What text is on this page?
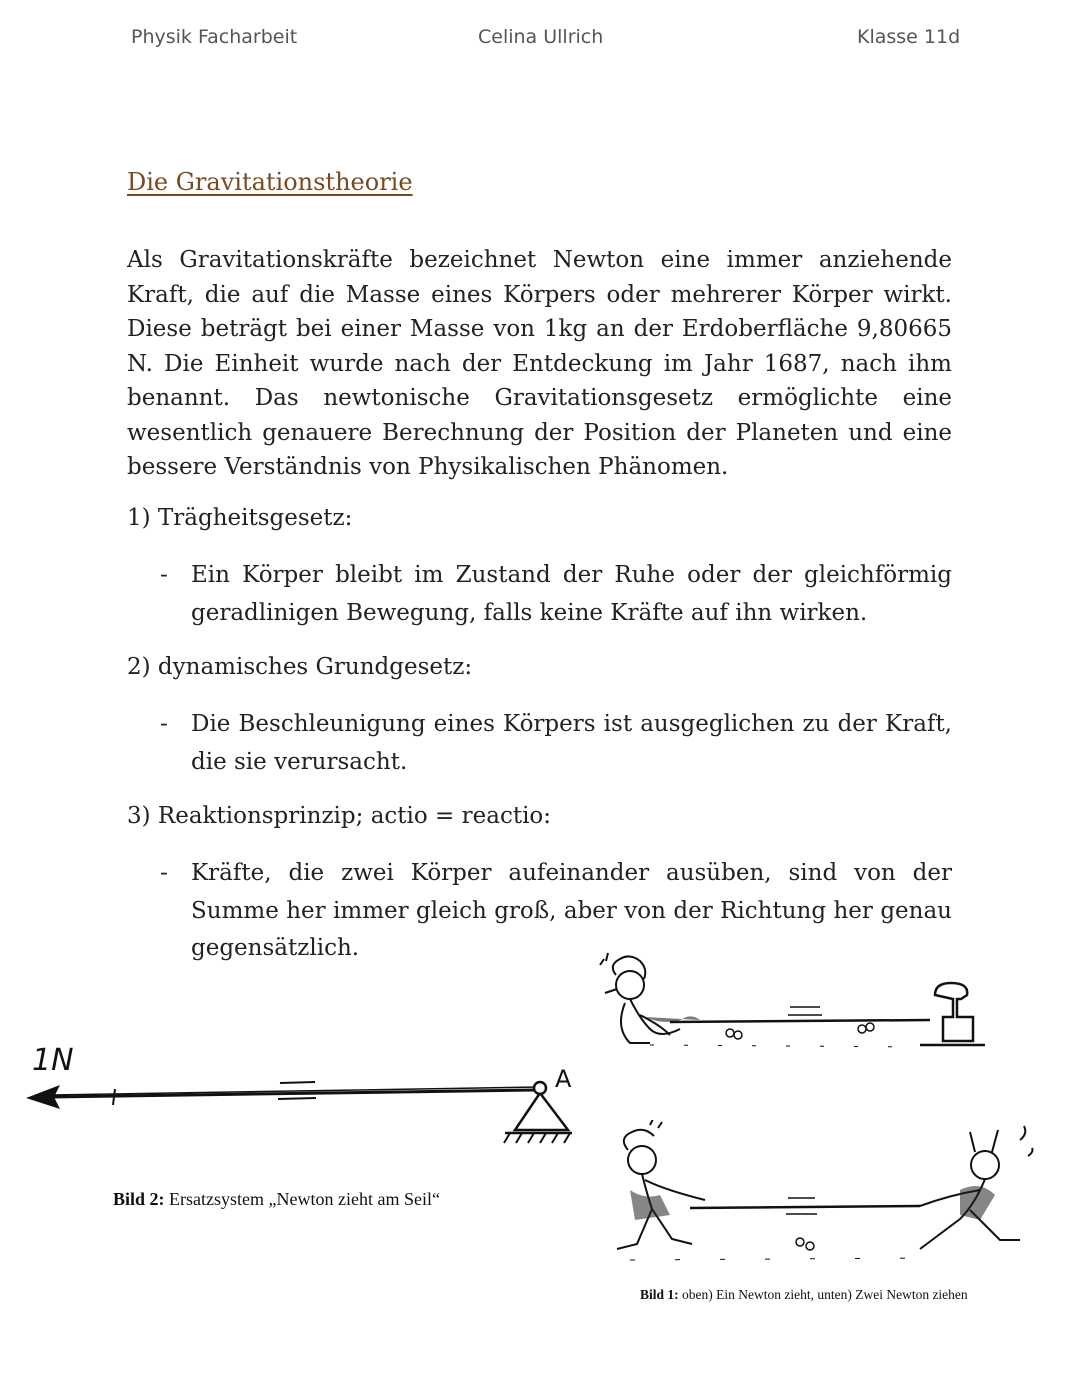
Physik Facharbeit	Celina Ullrich	Klasse 11d
Die Gravitationstheorie
Als Gravitationskräfte bezeichnet Newton eine immer anziehende Kraft, die auf die Masse eines Körpers oder mehrerer Körper wirkt. Diese beträgt bei einer Masse von 1kg an der Erdoberfläche 9,80665 N. Die Einheit wurde nach der Entdeckung im Jahr 1687, nach ihm benannt. Das newtonische Gravitationsgesetz ermöglichte eine wesentlich genauere Berechnung der Position der Planeten und eine bessere Verständnis von Physikalischen Phänomen.
1) Trägheitsgesetz:
- Ein Körper bleibt im Zustand der Ruhe oder der gleichförmig geradlinigen Bewegung, falls keine Kräfte auf ihn wirken.
2) dynamisches Grundgesetz:
- Die Beschleunigung eines Körpers ist ausgeglichen zu der Kraft, die sie verursacht.
3) Reaktionsprinzip; actio = reactio:
- Kräfte, die zwei Körper aufeinander ausüben, sind von der Summe her immer gleich groß, aber von der Richtung her genau gegensätzlich.
1N
A
Bild 2: Ersatzsystem „Newton zieht am Seil“
Bild 1: oben) Ein Newton zieht, unten) Zwei Newton ziehen
